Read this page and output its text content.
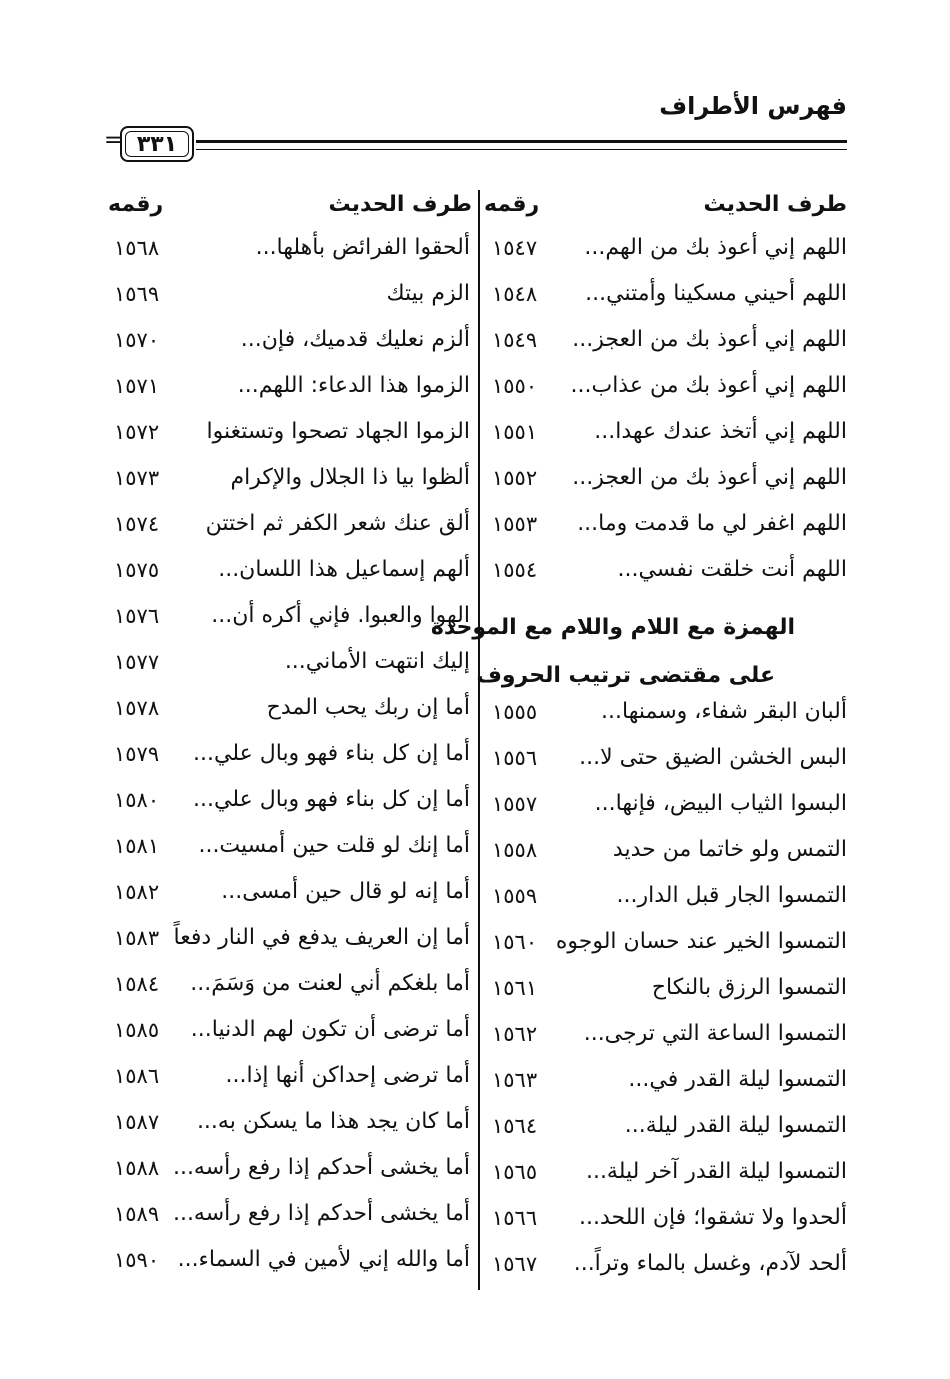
فهرس الأطراف
= ٣٣١
طرف الحديث
رقمه
طرف الحديث
رقمه
الهمزة مع اللام واللام مع الموحدة
على مقتضى ترتيب الحروف
اللهم إني أعوذ بك من الهم...
١٥٤٧
اللهم أحيني مسكينا وأمتني...
١٥٤٨
اللهم إني أعوذ بك من العجز...
١٥٤٩
اللهم إني أعوذ بك من عذاب...
١٥٥٠
اللهم إني أتخذ عندك عهدا...
١٥٥١
اللهم إني أعوذ بك من العجز...
١٥٥٢
اللهم اغفر لي ما قدمت وما...
١٥٥٣
اللهم أنت خلقت نفسي...
١٥٥٤
ألبان البقر شفاء، وسمنها...
١٥٥٥
البس الخشن الضيق حتى لا...
١٥٥٦
البسوا الثياب البيض، فإنها...
١٥٥٧
التمس ولو خاتما من حديد
١٥٥٨
التمسوا الجار قبل الدار...
١٥٥٩
التمسوا الخير عند حسان الوجوه
١٥٦٠
التمسوا الرزق بالنكاح
١٥٦١
التمسوا الساعة التي ترجى...
١٥٦٢
التمسوا ليلة القدر في...
١٥٦٣
التمسوا ليلة القدر ليلة...
١٥٦٤
التمسوا ليلة القدر آخر ليلة...
١٥٦٥
ألحدوا ولا تشقوا؛ فإن اللحد...
١٥٦٦
ألحد لآدم، وغسل بالماء وتراً...
١٥٦٧
ألحقوا الفرائض بأهلها...
١٥٦٨
الزم بيتك
١٥٦٩
ألزم نعليك قدميك، فإن...
١٥٧٠
الزموا هذا الدعاء: اللهم...
١٥٧١
الزموا الجهاد تصحوا وتستغنوا
١٥٧٢
ألظوا بيا ذا الجلال والإكرام
١٥٧٣
ألق عنك شعر الكفر ثم اختتن
١٥٧٤
ألهم إسماعيل هذا اللسان...
١٥٧٥
الهوا والعبوا. فإني أكره أن...
١٥٧٦
إليك انتهت الأماني...
١٥٧٧
أما إن ربك يحب المدح
١٥٧٨
أما إن كل بناء فهو وبال علي...
١٥٧٩
أما إن كل بناء فهو وبال علي...
١٥٨٠
أما إنك لو قلت حين أمسيت...
١٥٨١
أما إنه لو قال حين أمسى...
١٥٨٢
أما إن العريف يدفع في النار دفعاً
١٥٨٣
أما بلغكم أني لعنت من وَسَمَ...
١٥٨٤
أما ترضى أن تكون لهم الدنيا...
١٥٨٥
أما ترضى إحداكن أنها إذا...
١٥٨٦
أما كان يجد هذا ما يسكن به...
١٥٨٧
أما يخشى أحدكم إذا رفع رأسه...
١٥٨٨
أما يخشى أحدكم إذا رفع رأسه...
١٥٨٩
أما والله إني لأمين في السماء...
١٥٩٠
